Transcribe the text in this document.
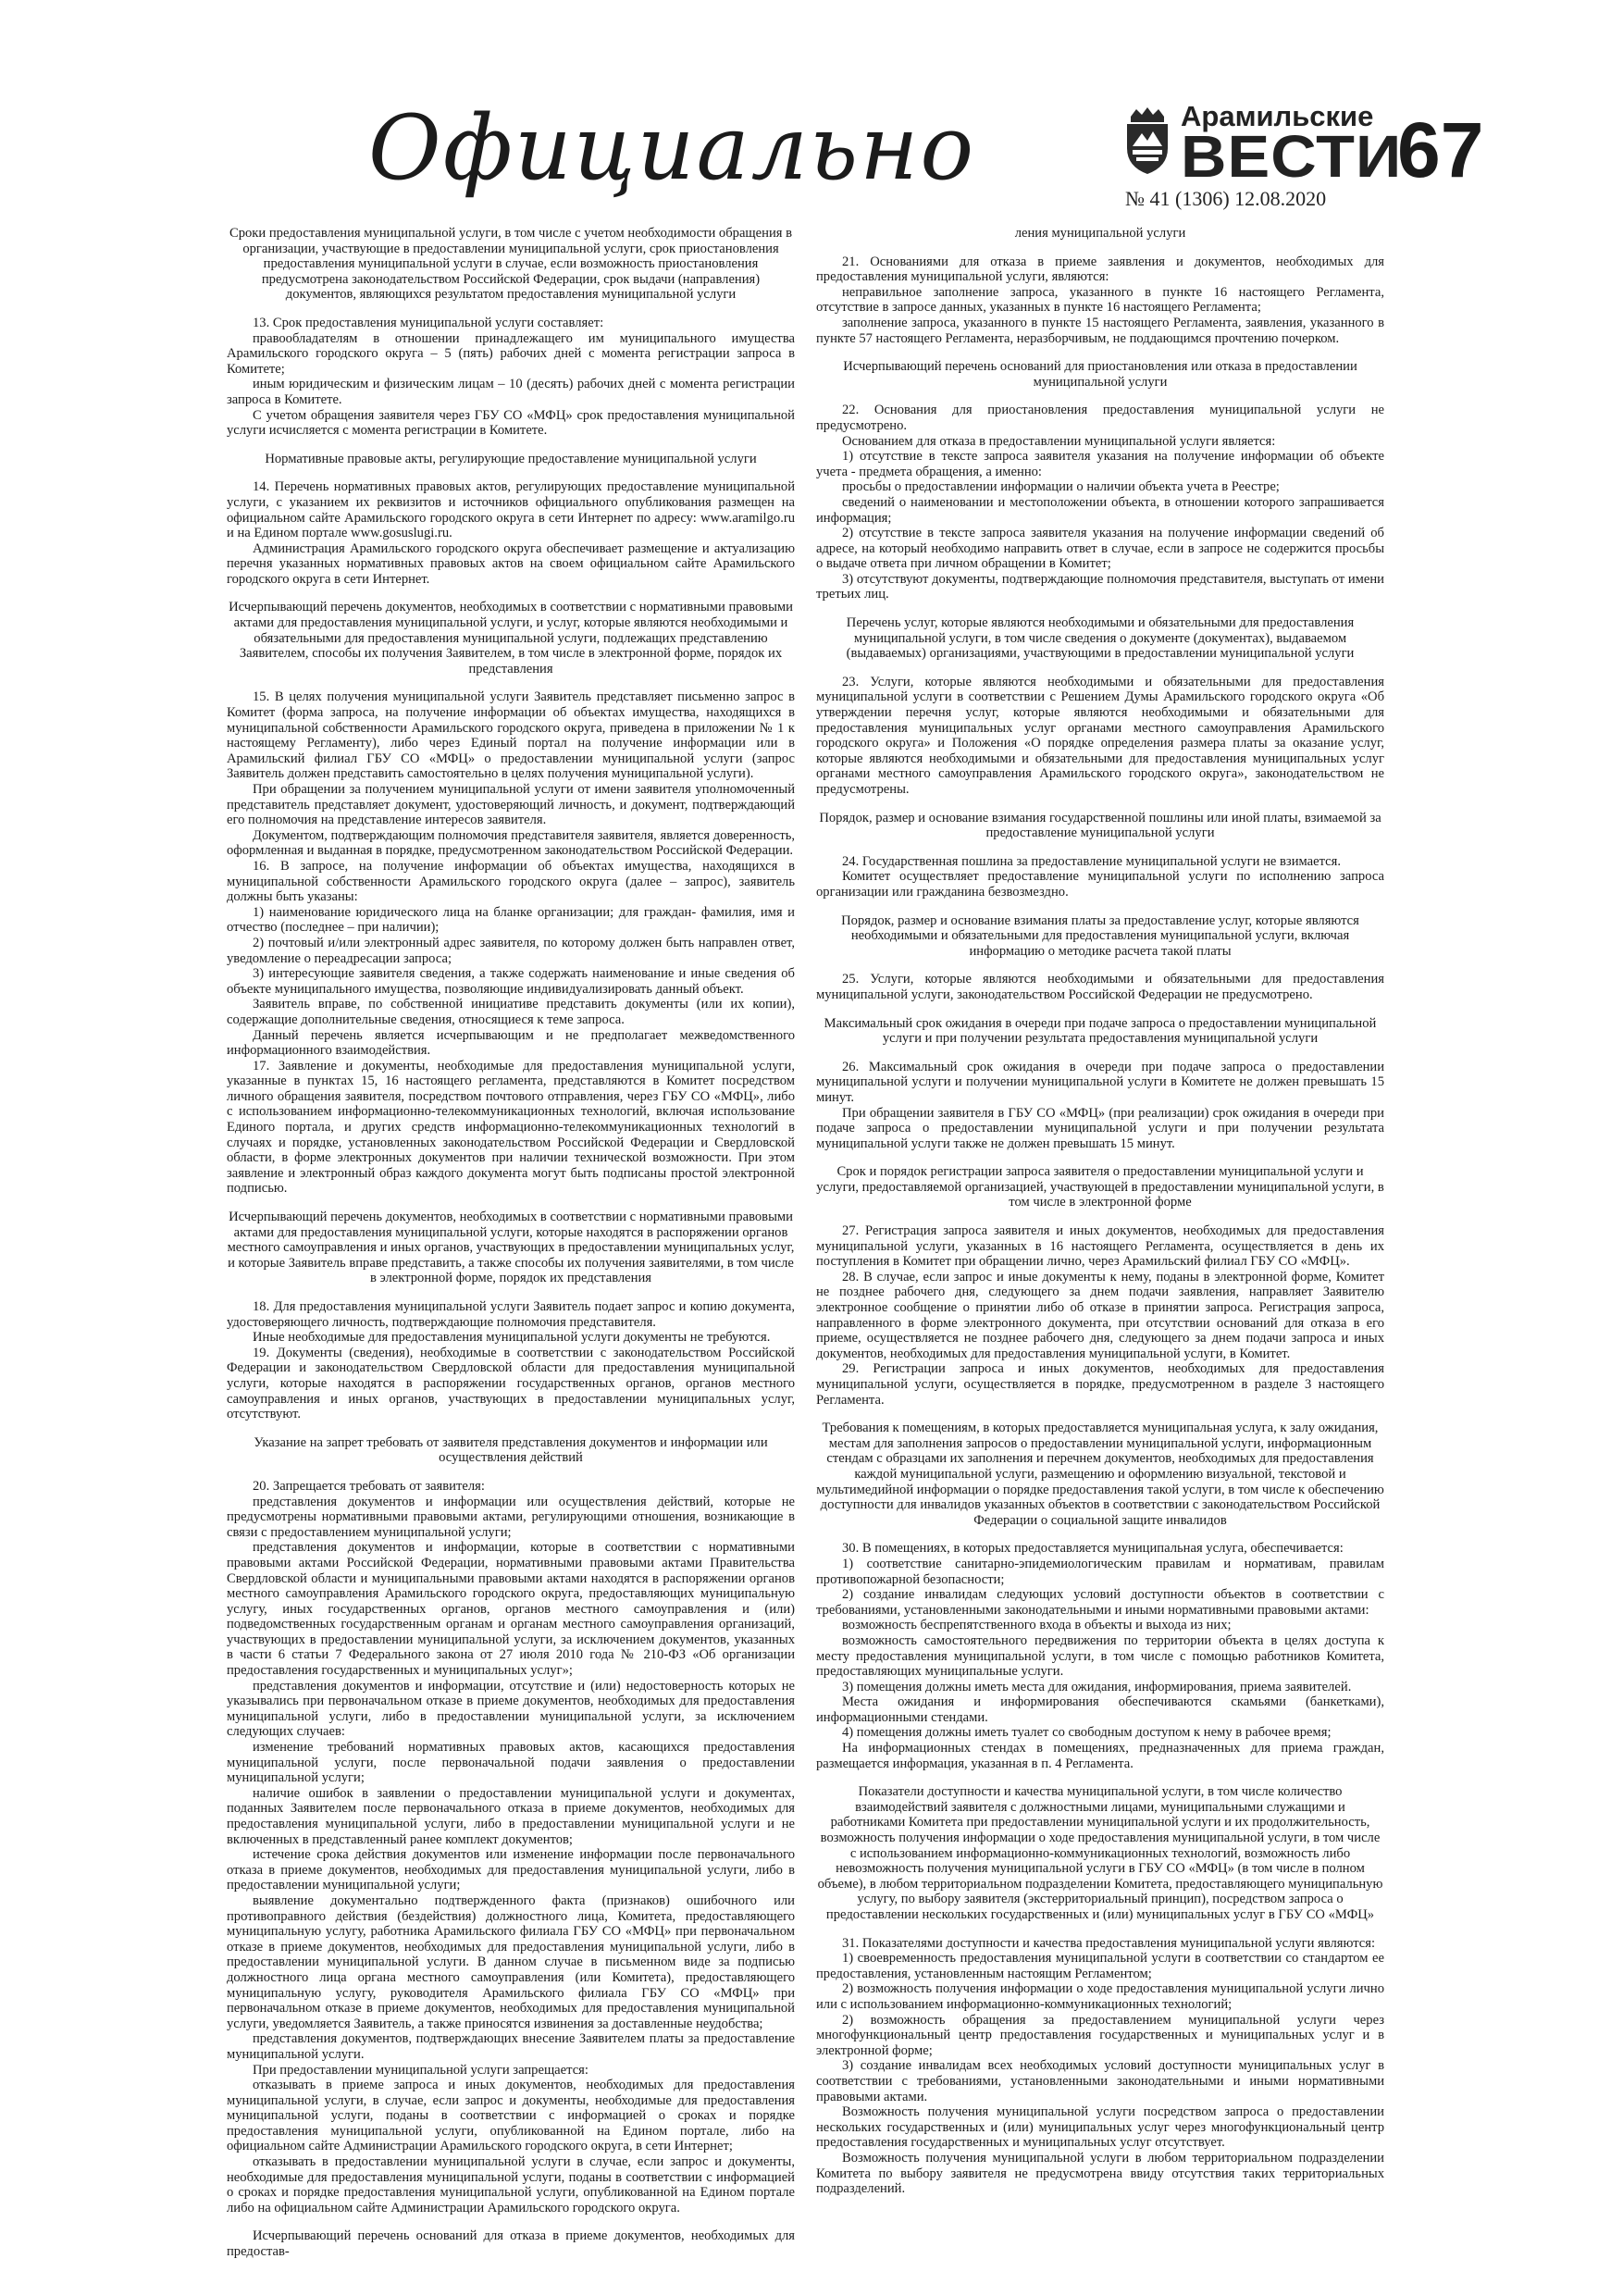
Официально	Арамильские
ВЕСТИ
№ 41 (1306) 12.08.2020
67

Сроки предоставления муниципальной услуги, в том числе с учетом необходимости обращения в организации, участвующие в предоставлении муниципальной услуги, срок приостановления предоставления муниципальной услуги в случае, если возможность приостановления предусмотрена законодательством Российской Федерации, срок выдачи (направления) документов, являющихся результатом предоставления муниципальной услуги

13. Срок предоставления муниципальной услуги составляет:

правообладателям в отношении принадлежащего им муниципального имущества Арамильского городского округа – 5 (пять) рабочих дней с момента регистрации запроса в Комитете;

иным юридическим и физическим лицам – 10 (десять) рабочих дней с момента регистрации запроса в Комитете.

С учетом обращения заявителя через ГБУ СО «МФЦ» срок предоставления муниципальной услуги исчисляется с момента регистрации в Комитете.

Нормативные правовые акты, регулирующие предоставление муниципальной услуги

14. Перечень нормативных правовых актов, регулирующих предоставление муниципальной услуги, с указанием их реквизитов и источников официального опубликования размещен на официальном сайте Арамильского городского округа в сети Интернет по адресу: www.aramilgo.ru и на Едином портале www.gosuslugi.ru.

Администрация Арамильского городского округа обеспечивает размещение и актуализацию перечня указанных нормативных правовых актов на своем официальном сайте Арамильского городского округа в сети Интернет.

Исчерпывающий перечень документов, необходимых в соответствии с нормативными правовыми актами для предоставления муниципальной услуги, и услуг, которые являются необходимыми и обязательными для предоставления муниципальной услуги, подлежащих представлению Заявителем, способы их получения Заявителем, в том числе в электронной форме, порядок их представления

15. В целях получения муниципальной услуги Заявитель представляет письменно запрос в Комитет (форма запроса, на получение информации об объектах имущества, находящихся в муниципальной собственности Арамильского городского округа, приведена в приложении № 1 к настоящему Регламенту), либо через Единый портал на получение информации или в Арамильский филиал ГБУ СО «МФЦ» о предоставлении муниципальной услуги (запрос Заявитель должен представить самостоятельно в целях получения муниципальной услуги).

При обращении за получением муниципальной услуги от имени заявителя уполномоченный представитель представляет документ, удостоверяющий личность, и документ, подтверждающий его полномочия на представление интересов заявителя.

Документом, подтверждающим полномочия представителя заявителя, является доверенность, оформленная и выданная в порядке, предусмотренном законодательством Российской Федерации.

16. В запросе, на получение информации об объектах имущества, находящихся в муниципальной собственности Арамильского городского округа (далее – запрос), заявитель должны быть указаны:

1) наименование юридического лица на бланке организации; для граждан- фамилия, имя и отчество (последнее – при наличии);

2) почтовый и/или электронный адрес заявителя, по которому должен быть направлен ответ, уведомление о переадресации запроса;

3) интересующие заявителя сведения, а также содержать наименование и иные сведения об объекте муниципального имущества, позволяющие индивидуализировать данный объект.

Заявитель вправе, по собственной инициативе представить документы (или их копии), содержащие дополнительные сведения, относящиеся к теме запроса.

Данный перечень является исчерпывающим и не предполагает межведомственного информационного взаимодействия.

17. Заявление и документы, необходимые для предоставления муниципальной услуги, указанные в пунктах 15, 16 настоящего регламента, представляются в Комитет посредством личного обращения заявителя, посредством почтового отправления, через ГБУ СО «МФЦ», либо с использованием информационно-телекоммуникационных технологий, включая использование Единого портала, и других средств информационно-телекоммуникационных технологий в случаях и порядке, установленных законодательством Российской Федерации и Свердловской области, в форме электронных документов при наличии технической возможности. При этом заявление и электронный образ каждого документа могут быть подписаны простой электронной подписью.

Исчерпывающий перечень документов, необходимых в соответствии с нормативными правовыми актами для предоставления муниципальной услуги, которые находятся в распоряжении органов местного самоуправления и иных органов, участвующих в предоставлении муниципальных услуг, и которые Заявитель вправе представить, а также способы их получения заявителями, в том числе в электронной форме, порядок их представления

18. Для предоставления муниципальной услуги Заявитель подает запрос и копию документа, удостоверяющего личность, подтверждающие полномочия представителя.

Иные необходимые для предоставления муниципальной услуги документы не требуются.

19. Документы (сведения), необходимые в соответствии с законодательством Российской Федерации и законодательством Свердловской области для предоставления муниципальной услуги, которые находятся в распоряжении государственных органов, органов местного самоуправления и иных органов, участвующих в предоставлении муниципальных услуг, отсутствуют.

Указание на запрет требовать от заявителя представления документов и информации или осуществления действий

20. Запрещается требовать от заявителя:

представления документов и информации или осуществления действий, которые не предусмотрены нормативными правовыми актами, регулирующими отношения, возникающие в связи с предоставлением муниципальной услуги;

представления документов и информации, которые в соответствии с нормативными правовыми актами Российской Федерации, нормативными правовыми актами Правительства Свердловской области и муниципальными правовыми актами находятся в распоряжении органов местного самоуправления Арамильского городского округа, предоставляющих муниципальную услугу, иных государственных органов, органов местного самоуправления и (или) подведомственных государственным органам и органам местного самоуправления организаций, участвующих в предоставлении муниципальной услуги, за исключением документов, указанных в части 6 статьи 7 Федерального закона от 27 июля 2010 года № 210-ФЗ «Об организации предоставления государственных и муниципальных услуг»;

представления документов и информации, отсутствие и (или) недостоверность которых не указывались при первоначальном отказе в приеме документов, необходимых для предоставления муниципальной услуги, либо в предоставлении муниципальной услуги, за исключением следующих случаев:

изменение требований нормативных правовых актов, касающихся предоставления муниципальной услуги, после первоначальной подачи заявления о предоставлении муниципальной услуги;

наличие ошибок в заявлении о предоставлении муниципальной услуги и документах, поданных Заявителем после первоначального отказа в приеме документов, необходимых для предоставления муниципальной услуги, либо в предоставлении муниципальной услуги и не включенных в представленный ранее комплект документов;

истечение срока действия документов или изменение информации после первоначального отказа в приеме документов, необходимых для предоставления муниципальной услуги, либо в предоставлении муниципальной услуги;

выявление документально подтвержденного факта (признаков) ошибочного или противоправного действия (бездействия) должностного лица, Комитета, предоставляющего муниципальную услугу, работника Арамильского филиала ГБУ СО «МФЦ» при первоначальном отказе в приеме документов, необходимых для предоставления муниципальной услуги, либо в предоставлении муниципальной услуги. В данном случае в письменном виде за подписью должностного лица органа местного самоуправления (или Комитета), предоставляющего муниципальную услугу, руководителя Арамильского филиала ГБУ СО «МФЦ» при первоначальном отказе в приеме документов, необходимых для предоставления муниципальной услуги, уведомляется Заявитель, а также приносятся извинения за доставленные неудобства;

представления документов, подтверждающих внесение Заявителем платы за предоставление муниципальной услуги.

При предоставлении муниципальной услуги запрещается:

отказывать в приеме запроса и иных документов, необходимых для предоставления муниципальной услуги, в случае, если запрос и документы, необходимые для предоставления муниципальной услуги, поданы в соответствии с информацией о сроках и порядке предоставления муниципальной услуги, опубликованной на Едином портале, либо на официальном сайте Администрации Арамильского городского округа, в сети Интернет;

отказывать в предоставлении муниципальной услуги в случае, если запрос и документы, необходимые для предоставления муниципальной услуги, поданы в соответствии с информацией о сроках и порядке предоставления муниципальной услуги, опубликованной на Едином портале либо на официальном сайте Администрации Арамильского городского округа.

Исчерпывающий перечень оснований для отказа в приеме документов, необходимых для предостав-

ления муниципальной услуги

21. Основаниями для отказа в приеме заявления и документов, необходимых для предоставления муниципальной услуги, являются:

неправильное заполнение запроса, указанного в пункте 16 настоящего Регламента, отсутствие в запросе данных, указанных в пункте 16 настоящего Регламента;

заполнение запроса, указанного в пункте 15 настоящего Регламента, заявления, указанного в пункте 57 настоящего Регламента, неразборчивым, не поддающимся прочтению почерком.

Исчерпывающий перечень оснований для приостановления или отказа в предоставлении муниципальной услуги

22. Основания для приостановления предоставления муниципальной услуги не предусмотрено.

Основанием для отказа в предоставлении муниципальной услуги является:

1) отсутствие в тексте запроса заявителя указания на получение информации об объекте учета - предмета обращения, а именно:

просьбы о предоставлении информации о наличии объекта учета в Реестре;

сведений о наименовании и местоположении объекта, в отношении которого запрашивается информация;

2) отсутствие в тексте запроса заявителя указания на получение информации сведений об адресе, на который необходимо направить ответ в случае, если в запросе не содержится просьбы о выдаче ответа при личном обращении в Комитет;

3) отсутствуют документы, подтверждающие полномочия представителя, выступать от имени третьих лиц.

Перечень услуг, которые являются необходимыми и обязательными для предоставления муниципальной услуги, в том числе сведения о документе (документах), выдаваемом (выдаваемых) организациями, участвующими в предоставлении муниципальной услуги

23. Услуги, которые являются необходимыми и обязательными для предоставления муниципальной услуги в соответствии с Решением Думы Арамильского городского округа «Об утверждении перечня услуг, которые являются необходимыми и обязательными для предоставления муниципальных услуг органами местного самоуправления Арамильского городского округа» и Положения «О порядке определения размера платы за оказание услуг, которые являются необходимыми и обязательными для предоставления муниципальных услуг органами местного самоуправления Арамильского городского округа», законодательством не предусмотрены.

Порядок, размер и основание взимания государственной пошлины или иной платы, взимаемой за предоставление муниципальной услуги

24. Государственная пошлина за предоставление муниципальной услуги не взимается.

Комитет осуществляет предоставление муниципальной услуги по исполнению запроса организации или гражданина безвозмездно.

Порядок, размер и основание взимания платы за предоставление услуг, которые являются необходимыми и обязательными для предоставления муниципальной услуги, включая информацию о методике расчета такой платы

25. Услуги, которые являются необходимыми и обязательными для предоставления муниципальной услуги, законодательством Российской Федерации не предусмотрено.

Максимальный срок ожидания в очереди при подаче запроса о предоставлении муниципальной услуги и при получении результата предоставления муниципальной услуги

26. Максимальный срок ожидания в очереди при подаче запроса о предоставлении муниципальной услуги и получении муниципальной услуги в Комитете не должен превышать 15 минут.

При обращении заявителя в ГБУ СО «МФЦ» (при реализации) срок ожидания в очереди при подаче запроса о предоставлении муниципальной услуги и при получении результата муниципальной услуги также не должен превышать 15 минут.

Срок и порядок регистрации запроса заявителя о предоставлении муниципальной услуги и услуги, предоставляемой организацией, участвующей в предоставлении муниципальной услуги, в том числе в электронной форме

27. Регистрация запроса заявителя и иных документов, необходимых для предоставления муниципальной услуги, указанных в 16 настоящего Регламента, осуществляется в день их поступления в Комитет при обращении лично, через Арамильский филиал ГБУ СО «МФЦ».

28. В случае, если запрос и иные документы к нему, поданы в электронной форме, Комитет не позднее рабочего дня, следующего за днем подачи заявления, направляет Заявителю электронное сообщение о принятии либо об отказе в принятии запроса. Регистрация запроса, направленного в форме электронного документа, при отсутствии оснований для отказа в его приеме, осуществляется не позднее рабочего дня, следующего за днем подачи запроса и иных документов, необходимых для предоставления муниципальной услуги, в Комитет.

29. Регистрации запроса и иных документов, необходимых для предоставления муниципальной услуги, осуществляется в порядке, предусмотренном в разделе 3 настоящего Регламента.

Требования к помещениям, в которых предоставляется муниципальная услуга, к залу ожидания, местам для заполнения запросов о предоставлении муниципальной услуги, информационным стендам с образцами их заполнения и перечнем документов, необходимых для предоставления каждой муниципальной услуги, размещению и оформлению визуальной, текстовой и мультимедийной информации о порядке предоставления такой услуги, в том числе к обеспечению доступности для инвалидов указанных объектов в соответствии с законодательством Российской Федерации о социальной защите инвалидов

30. В помещениях, в которых предоставляется муниципальная услуга, обеспечивается:

1) соответствие санитарно-эпидемиологическим правилам и нормативам, правилам противопожарной безопасности;

2) создание инвалидам следующих условий доступности объектов в соответствии с требованиями, установленными законодательными и иными нормативными правовыми актами:

возможность беспрепятственного входа в объекты и выхода из них;

возможность самостоятельного передвижения по территории объекта в целях доступа к месту предоставления муниципальной услуги, в том числе с помощью работников Комитета, предоставляющих муниципальные услуги.

3) помещения должны иметь места для ожидания, информирования, приема заявителей.

Места ожидания и информирования обеспечиваются скамьями (банкетками), информационными стендами.

4) помещения должны иметь туалет со свободным доступом к нему в рабочее время;

На информационных стендах в помещениях, предназначенных для приема граждан, размещается информация, указанная в п. 4 Регламента.

Показатели доступности и качества муниципальной услуги, в том числе количество взаимодействий заявителя с должностными лицами, муниципальными служащими и работниками Комитета при предоставлении муниципальной услуги и их продолжительность, возможность получения информации о ходе предоставления муниципальной услуги, в том числе с использованием информационно-коммуникационных технологий, возможность либо невозможность получения муниципальной услуги в ГБУ СО «МФЦ» (в том числе в полном объеме), в любом территориальном подразделении Комитета, предоставляющего муниципальную услугу, по выбору заявителя (экстерриториальный принцип), посредством запроса о предоставлении нескольких государственных и (или) муниципальных услуг в ГБУ СО «МФЦ»

31. Показателями доступности и качества предоставления муниципальной услуги являются:

1) своевременность предоставления муниципальной услуги в соответствии со стандартом ее предоставления, установленным настоящим Регламентом;

2) возможность получения информации о ходе предоставления муниципальной услуги лично или с использованием информационно-коммуникационных технологий;

2) возможность обращения за предоставлением муниципальной услуги через многофункциональный центр предоставления государственных и муниципальных услуг и в электронной форме;

3) создание инвалидам всех необходимых условий доступности муниципальных услуг в соответствии с требованиями, установленными законодательными и иными нормативными правовыми актами.

Возможность получения муниципальной услуги посредством запроса о предоставлении нескольких государственных и (или) муниципальных услуг через многофункциональный центр предоставления государственных и муниципальных услуг отсутствует.

Возможность получения муниципальной услуги в любом территориальном подразделении Комитета по выбору заявителя не предусмотрена ввиду отсутствия таких территориальных подразделений.
